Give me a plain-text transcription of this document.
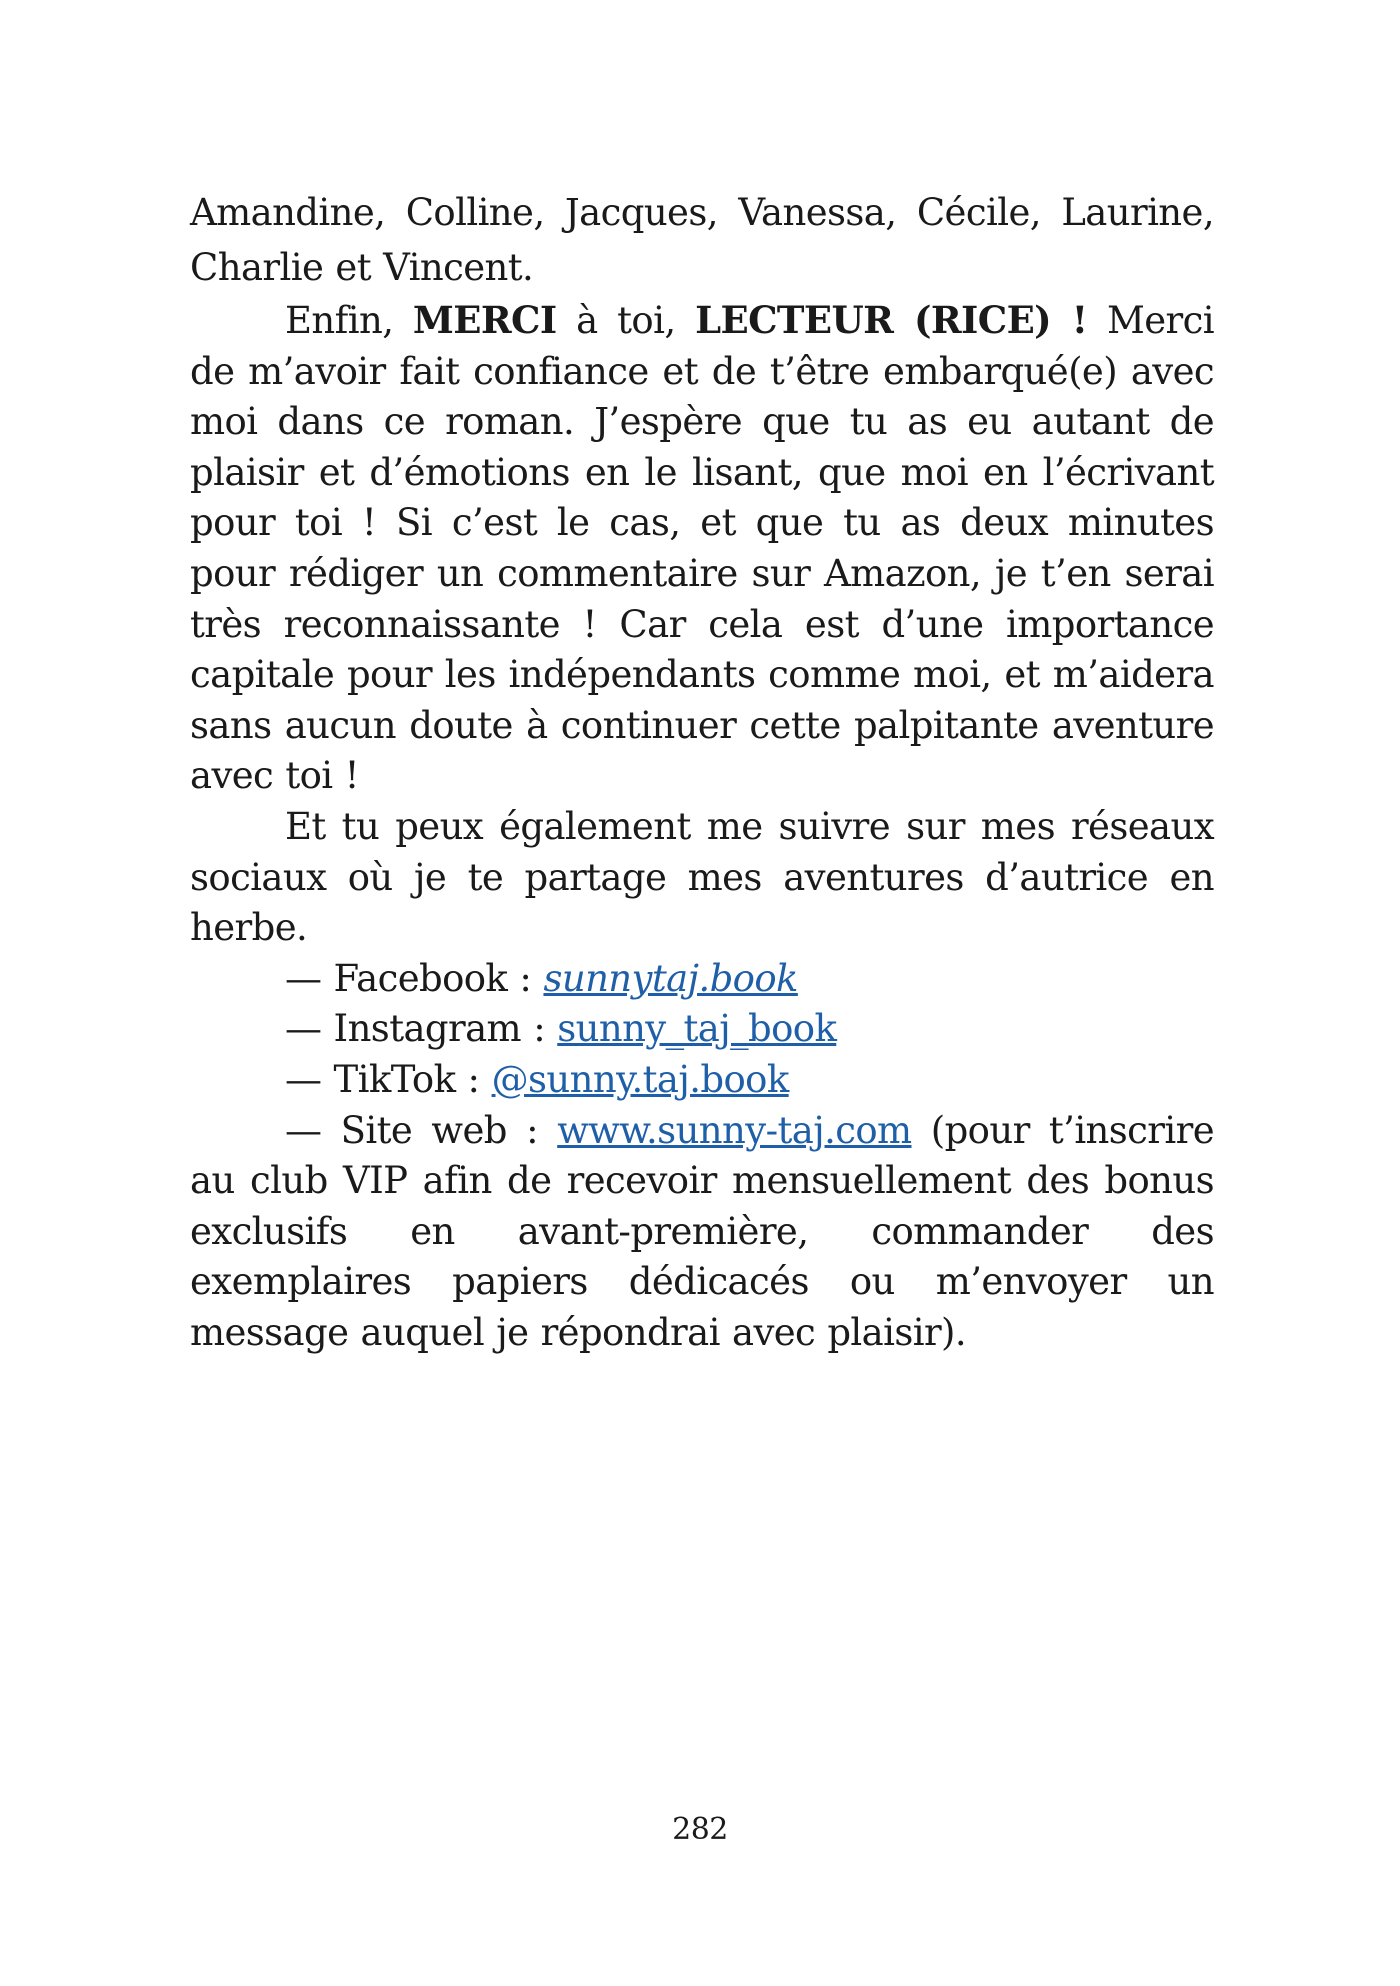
Amandine, Colline, Jacques, Vanessa, Cécile, Laurine, Charlie et Vincent.

Enfin, MERCI à toi, LECTEUR (RICE) ! Merci de m’avoir fait confiance et de t’être embarqué(e) avec moi dans ce roman. J’espère que tu as eu autant de plaisir et d’émotions en le lisant, que moi en l’écrivant pour toi ! Si c’est le cas, et que tu as deux minutes pour rédiger un commentaire sur Amazon, je t’en serai très reconnaissante ! Car cela est d’une importance capitale pour les indépendants comme moi, et m’aidera sans aucun doute à continuer cette palpitante aventure avec toi !

Et tu peux également me suivre sur mes réseaux sociaux où je te partage mes aventures d’autrice en herbe.

— Facebook : sunnytaj.book

— Instagram : sunny_taj_book

— TikTok : @sunny.taj.book

— Site web : www.sunny-taj.com (pour t’inscrire au club VIP afin de recevoir mensuellement des bonus exclusifs en avant-première, commander des exemplaires papiers dédicacés ou m’envoyer un message auquel je répondrai avec plaisir).

282
